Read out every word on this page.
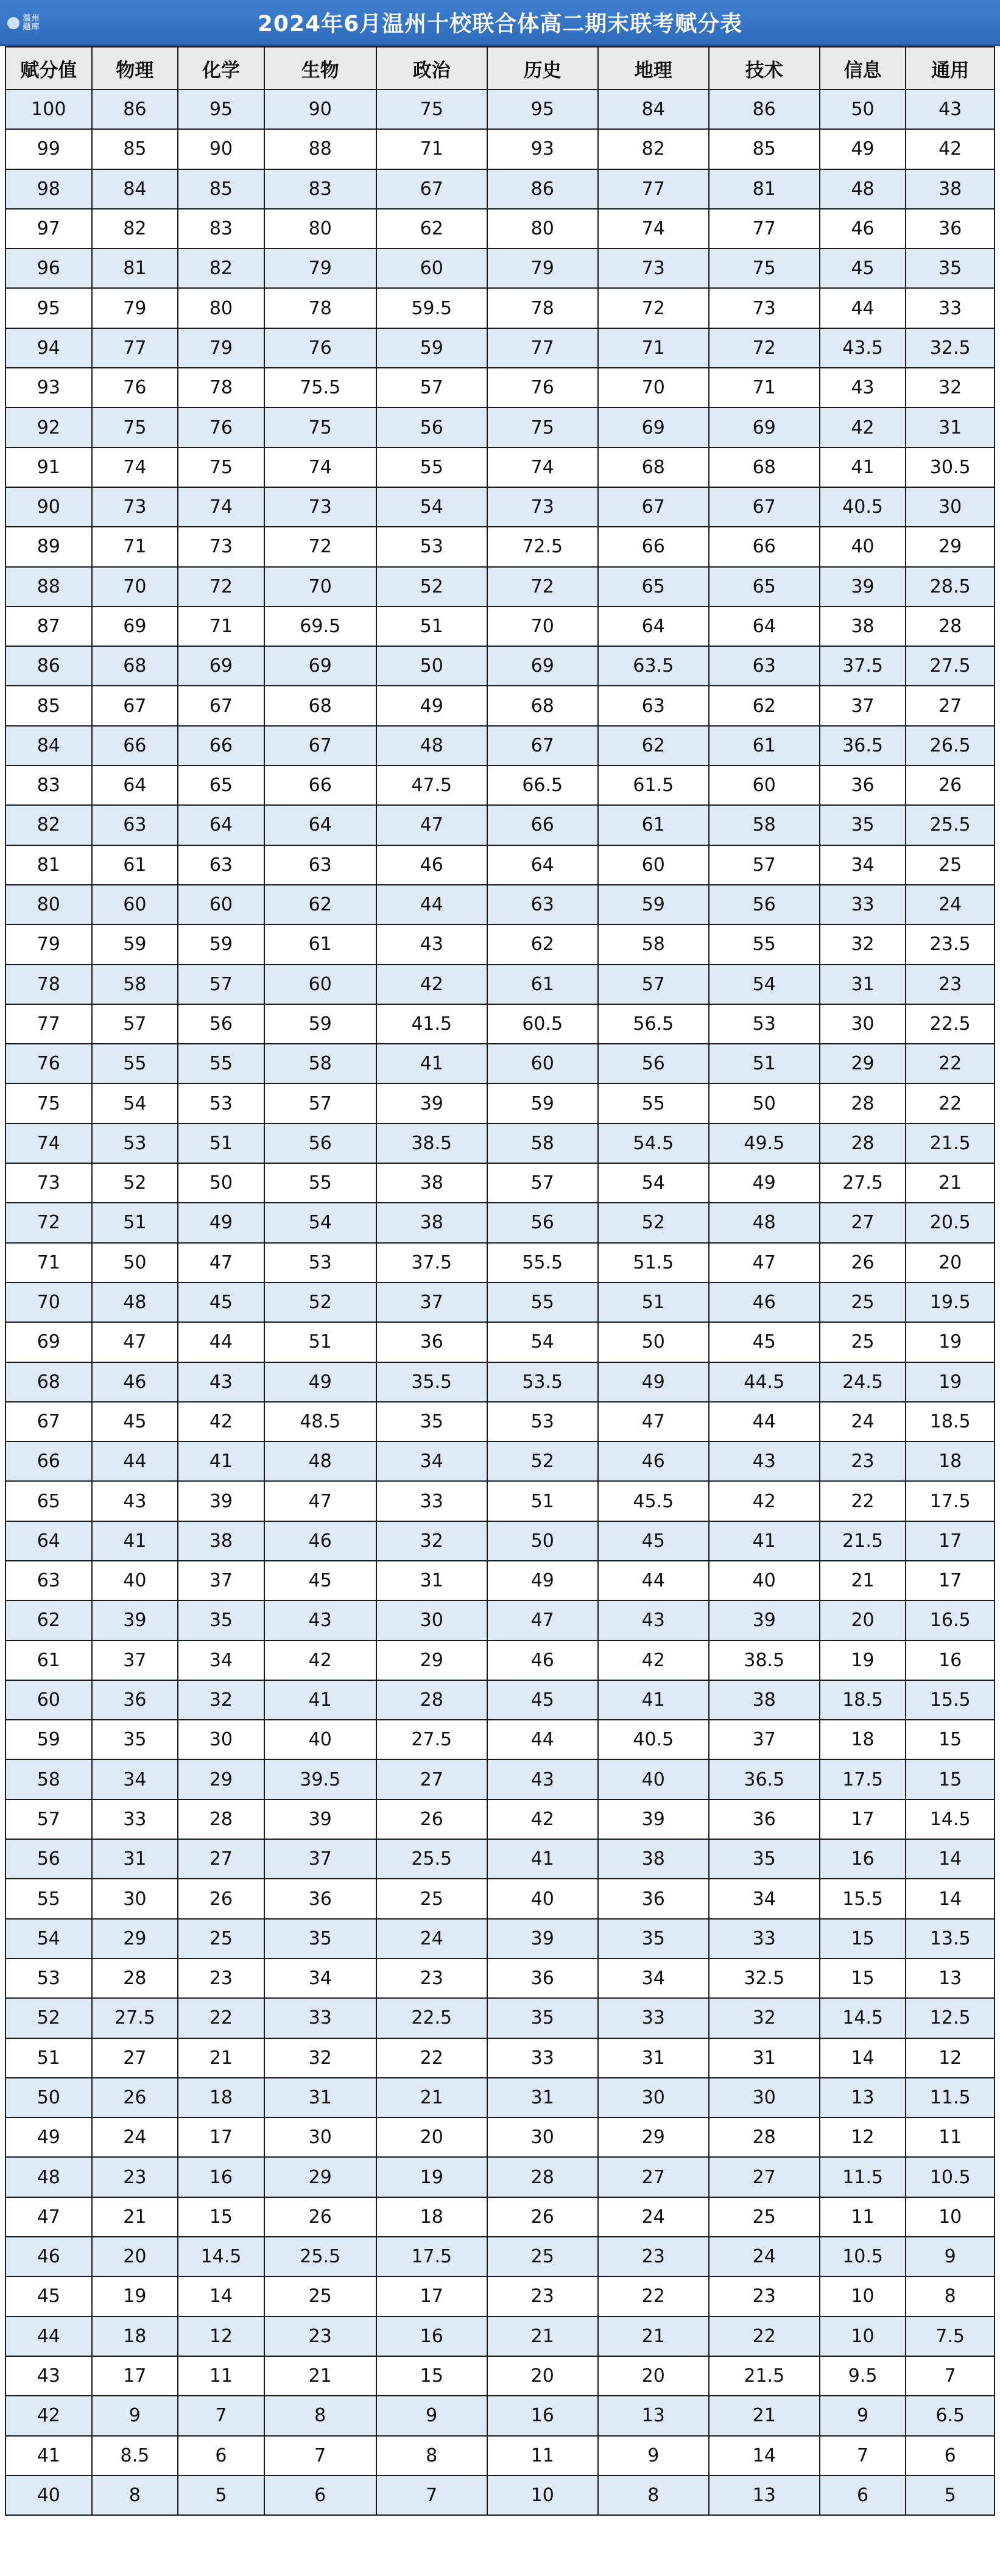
温州题库	2024年6月温州十校联合体高二期末联考赋分表
赋分值	物理	化学	生物	政治	历史	地理	技术	信息	通用
100	86	95	90	75	95	84	86	50	43
99	85	90	88	71	93	82	85	49	42
98	84	85	83	67	86	77	81	48	38
97	82	83	80	62	80	74	77	46	36
96	81	82	79	60	79	73	75	45	35
95	79	80	78	59.5	78	72	73	44	33
94	77	79	76	59	77	71	72	43.5	32.5
93	76	78	75.5	57	76	70	71	43	32
92	75	76	75	56	75	69	69	42	31
91	74	75	74	55	74	68	68	41	30.5
90	73	74	73	54	73	67	67	40.5	30
89	71	73	72	53	72.5	66	66	40	29
88	70	72	70	52	72	65	65	39	28.5
87	69	71	69.5	51	70	64	64	38	28
86	68	69	69	50	69	63.5	63	37.5	27.5
85	67	67	68	49	68	63	62	37	27
84	66	66	67	48	67	62	61	36.5	26.5
83	64	65	66	47.5	66.5	61.5	60	36	26
82	63	64	64	47	66	61	58	35	25.5
81	61	63	63	46	64	60	57	34	25
80	60	60	62	44	63	59	56	33	24
79	59	59	61	43	62	58	55	32	23.5
78	58	57	60	42	61	57	54	31	23
77	57	56	59	41.5	60.5	56.5	53	30	22.5
76	55	55	58	41	60	56	51	29	22
75	54	53	57	39	59	55	50	28	22
74	53	51	56	38.5	58	54.5	49.5	28	21.5
73	52	50	55	38	57	54	49	27.5	21
72	51	49	54	38	56	52	48	27	20.5
71	50	47	53	37.5	55.5	51.5	47	26	20
70	48	45	52	37	55	51	46	25	19.5
69	47	44	51	36	54	50	45	25	19
68	46	43	49	35.5	53.5	49	44.5	24.5	19
67	45	42	48.5	35	53	47	44	24	18.5
66	44	41	48	34	52	46	43	23	18
65	43	39	47	33	51	45.5	42	22	17.5
64	41	38	46	32	50	45	41	21.5	17
63	40	37	45	31	49	44	40	21	17
62	39	35	43	30	47	43	39	20	16.5
61	37	34	42	29	46	42	38.5	19	16
60	36	32	41	28	45	41	38	18.5	15.5
59	35	30	40	27.5	44	40.5	37	18	15
58	34	29	39.5	27	43	40	36.5	17.5	15
57	33	28	39	26	42	39	36	17	14.5
56	31	27	37	25.5	41	38	35	16	14
55	30	26	36	25	40	36	34	15.5	14
54	29	25	35	24	39	35	33	15	13.5
53	28	23	34	23	36	34	32.5	15	13
52	27.5	22	33	22.5	35	33	32	14.5	12.5
51	27	21	32	22	33	31	31	14	12
50	26	18	31	21	31	30	30	13	11.5
49	24	17	30	20	30	29	28	12	11
48	23	16	29	19	28	27	27	11.5	10.5
47	21	15	26	18	26	24	25	11	10
46	20	14.5	25.5	17.5	25	23	24	10.5	9
45	19	14	25	17	23	22	23	10	8
44	18	12	23	16	21	21	22	10	7.5
43	17	11	21	15	20	20	21.5	9.5	7
42	9	7	8	9	16	13	21	9	6.5
41	8.5	6	7	8	11	9	14	7	6
40	8	5	6	7	10	8	13	6	5
